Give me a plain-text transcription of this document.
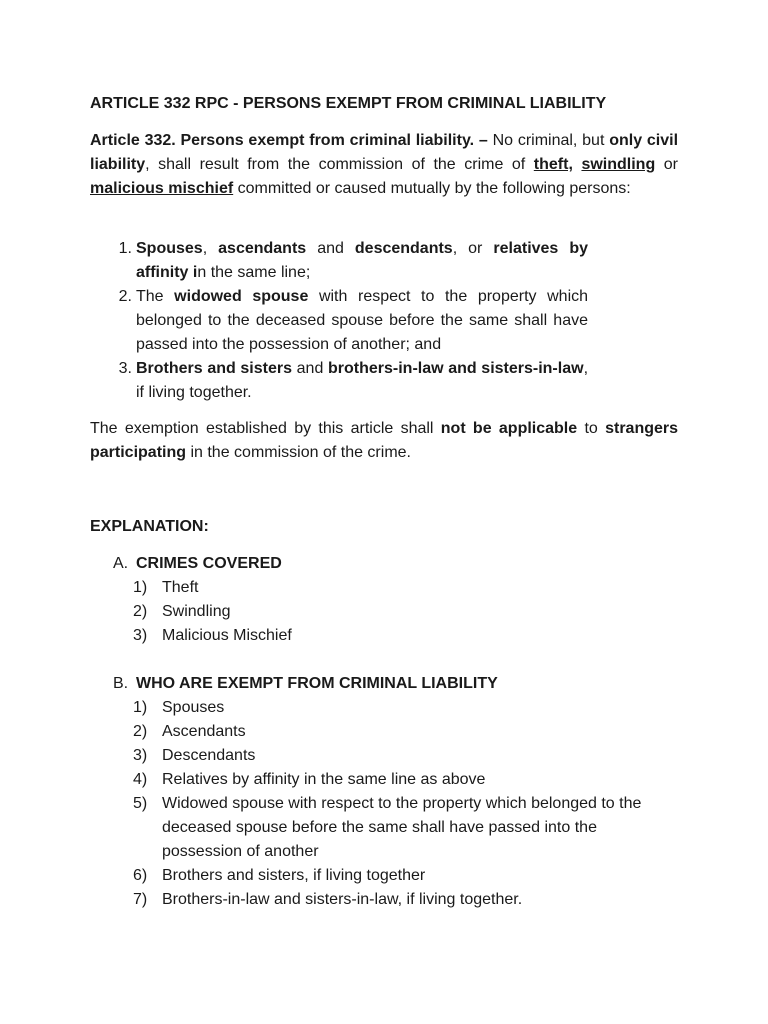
ARTICLE 332 RPC - PERSONS EXEMPT FROM CRIMINAL LIABILITY

Article 332. Persons exempt from criminal liability. – No criminal, but only civil liability, shall result from the commission of the crime of theft, swindling or malicious mischief committed or caused mutually by the following persons:

1. Spouses, ascendants and descendants, or relatives by affinity in the same line;
2. The widowed spouse with respect to the property which belonged to the deceased spouse before the same shall have passed into the possession of another; and
3. Brothers and sisters and brothers-in-law and sisters-in-law, if living together.

The exemption established by this article shall not be applicable to strangers participating in the commission of the crime.

EXPLANATION:
A. CRIMES COVERED
1) Theft
2) Swindling
3) Malicious Mischief
B. WHO ARE EXEMPT FROM CRIMINAL LIABILITY
1) Spouses
2) Ascendants
3) Descendants
4) Relatives by affinity in the same line as above
5) Widowed spouse with respect to the property which belonged to the deceased spouse before the same shall have passed into the possession of another
6) Brothers and sisters, if living together
7) Brothers-in-law and sisters-in-law, if living together.
